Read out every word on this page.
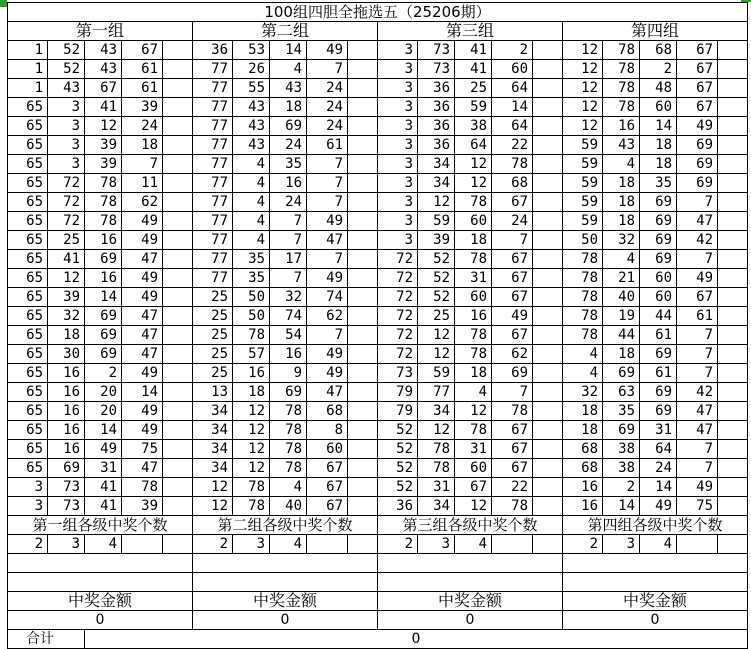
100组四胆全拖选五（25206期）																			
第一组					第二组					第三组					第四组				
1	52	43	67		36	53	14	49		3	73	41	2		12	78	68	67	
1	52	43	61		77	26	4	7		3	73	41	60		12	78	2	67	
1	43	67	61		77	55	43	24		3	36	25	64		12	78	48	67	
65	3	41	39		77	43	18	24		3	36	59	14		12	78	60	67	
65	3	12	24		77	43	69	24		3	36	38	64		12	16	14	49	
65	3	39	18		77	43	24	61		3	36	64	22		59	43	18	69	
65	3	39	7		77	4	35	7		3	34	12	78		59	4	18	69	
65	72	78	11		77	4	16	7		3	34	12	68		59	18	35	69	
65	72	78	62		77	4	24	7		3	12	78	67		59	18	69	7	
65	72	78	49		77	4	7	49		3	59	60	24		59	18	69	47	
65	25	16	49		77	4	7	47		3	39	18	7		50	32	69	42	
65	41	69	47		77	35	17	7		72	52	78	67		78	4	69	7	
65	12	16	49		77	35	7	49		72	52	31	67		78	21	60	49	
65	39	14	49		25	50	32	74		72	52	60	67		78	40	60	67	
65	32	69	47		25	50	74	62		72	25	16	49		78	19	44	61	
65	18	69	47		25	78	54	7		72	12	78	67		78	44	61	7	
65	30	69	47		25	57	16	49		72	12	78	62		4	18	69	7	
65	16	2	49		25	16	9	49		73	59	18	69		4	69	61	7	
65	16	20	14		13	18	69	47		79	77	4	7		32	63	69	42	
65	16	20	49		34	12	78	68		79	34	12	78		18	35	69	47	
65	16	14	49		34	12	78	8		52	12	78	67		18	69	31	47	
65	16	49	75		34	12	78	60		52	78	31	67		68	38	64	7	
65	69	31	47		34	12	78	67		52	78	60	67		68	38	24	7	
3	73	41	78		12	78	4	67		52	31	67	22		16	2	14	49	
3	73	41	39		12	78	40	67		36	34	12	78		16	14	49	75	
第一组各级中奖个数					第二组各级中奖个数					第三组各级中奖个数					第四组各级中奖个数				
2	3	4			2	3	4			2	3	4			2	3	4		

中奖金额					中奖金额					中奖金额					中奖金额				
0					0					0					0				
合计		0																	
